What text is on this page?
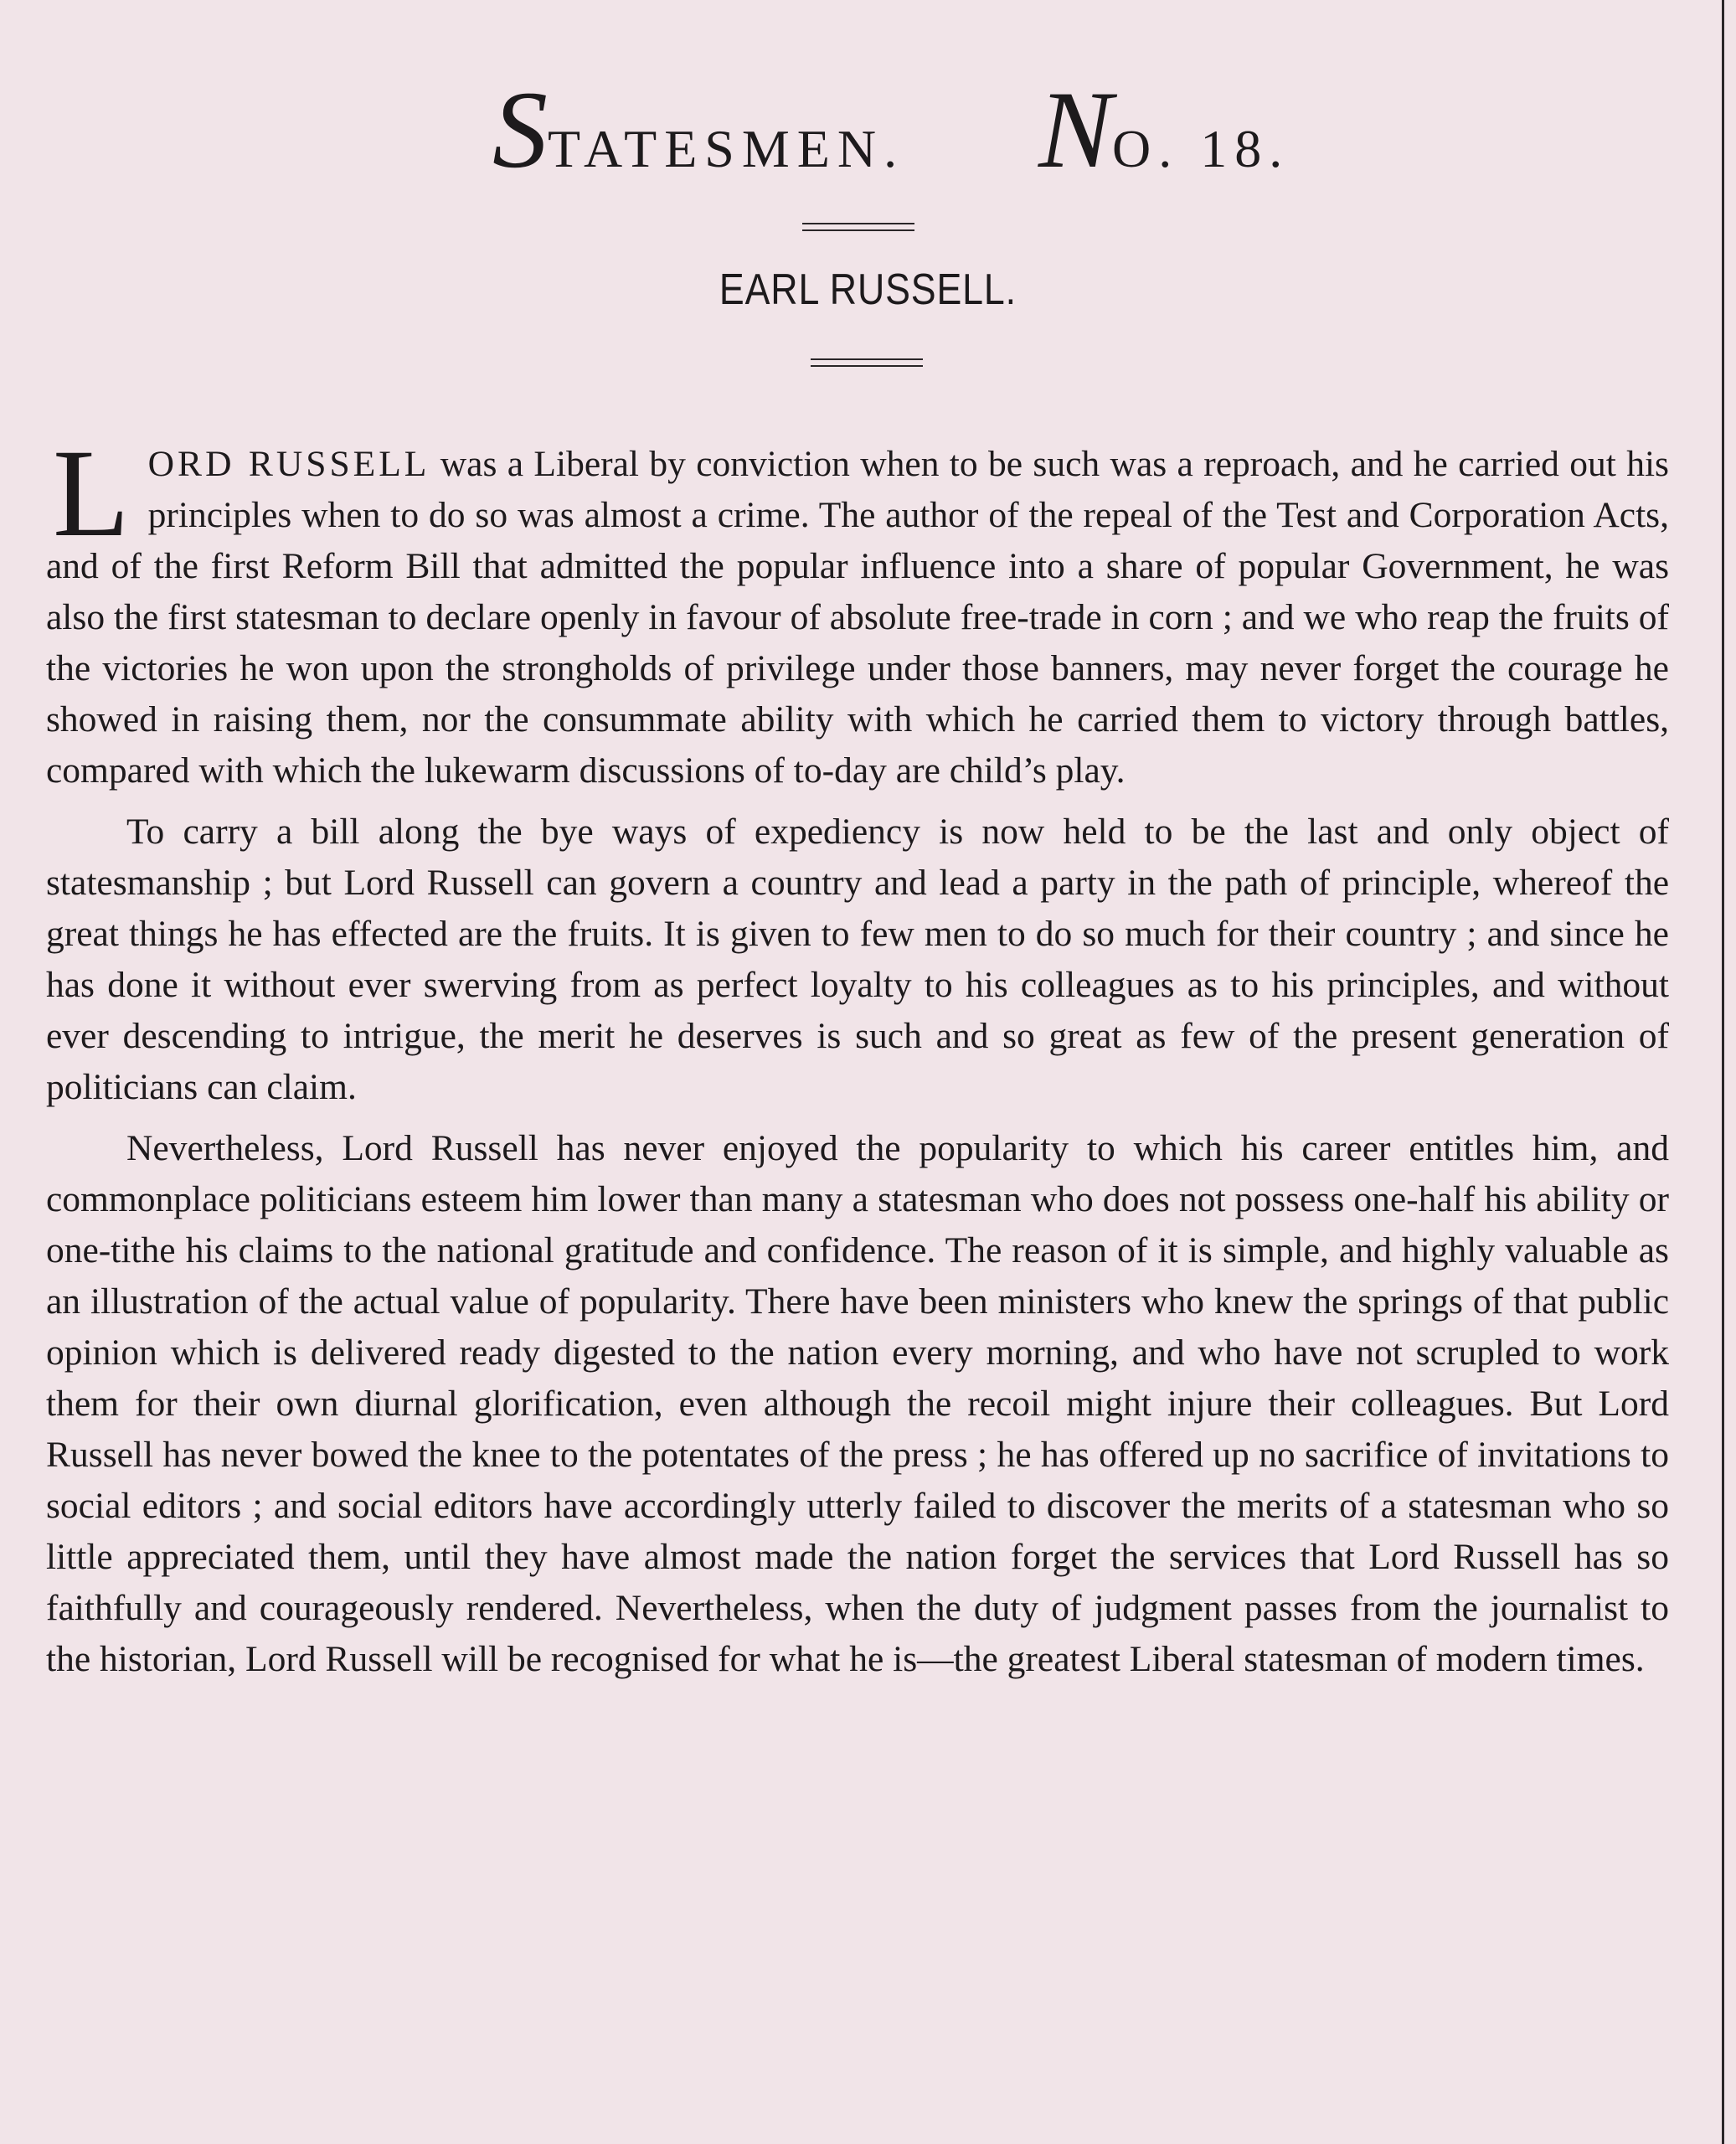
STATESMEN. NO. 18.
EARL RUSSELL.

LORD RUSSELL was a Liberal by conviction when to be such was a reproach, and he carried out his principles when to do so was almost a crime. The author of the repeal of the Test and Corporation Acts, and of the first Reform Bill that admitted the popular influence into a share of popular Government, he was also the first statesman to declare openly in favour of absolute free-trade in corn ; and we who reap the fruits of the victories he won upon the strongholds of privilege under those banners, may never forget the courage he showed in raising them, nor the consummate ability with which he carried them to victory through battles, compared with which the lukewarm discussions of to-day are child’s play.

To carry a bill along the bye ways of expediency is now held to be the last and only object of statesmanship ; but Lord Russell can govern a country and lead a party in the path of principle, whereof the great things he has effected are the fruits. It is given to few men to do so much for their country ; and since he has done it without ever swerving from as perfect loyalty to his colleagues as to his principles, and without ever descending to intrigue, the merit he deserves is such and so great as few of the present generation of politicians can claim.

Nevertheless, Lord Russell has never enjoyed the popularity to which his career entitles him, and commonplace politicians esteem him lower than many a statesman who does not possess one-half his ability or one-tithe his claims to the national gratitude and confidence. The reason of it is simple, and highly valuable as an illustration of the actual value of popularity. There have been ministers who knew the springs of that public opinion which is delivered ready digested to the nation every morning, and who have not scrupled to work them for their own diurnal glorification, even although the recoil might injure their colleagues. But Lord Russell has never bowed the knee to the potentates of the press ; he has offered up no sacrifice of invitations to social editors ; and social editors have accordingly utterly failed to discover the merits of a statesman who so little appreciated them, until they have almost made the nation forget the services that Lord Russell has so faithfully and courageously rendered. Nevertheless, when the duty of judgment passes from the journalist to the historian, Lord Russell will be recognised for what he is—the greatest Liberal statesman of modern times.
